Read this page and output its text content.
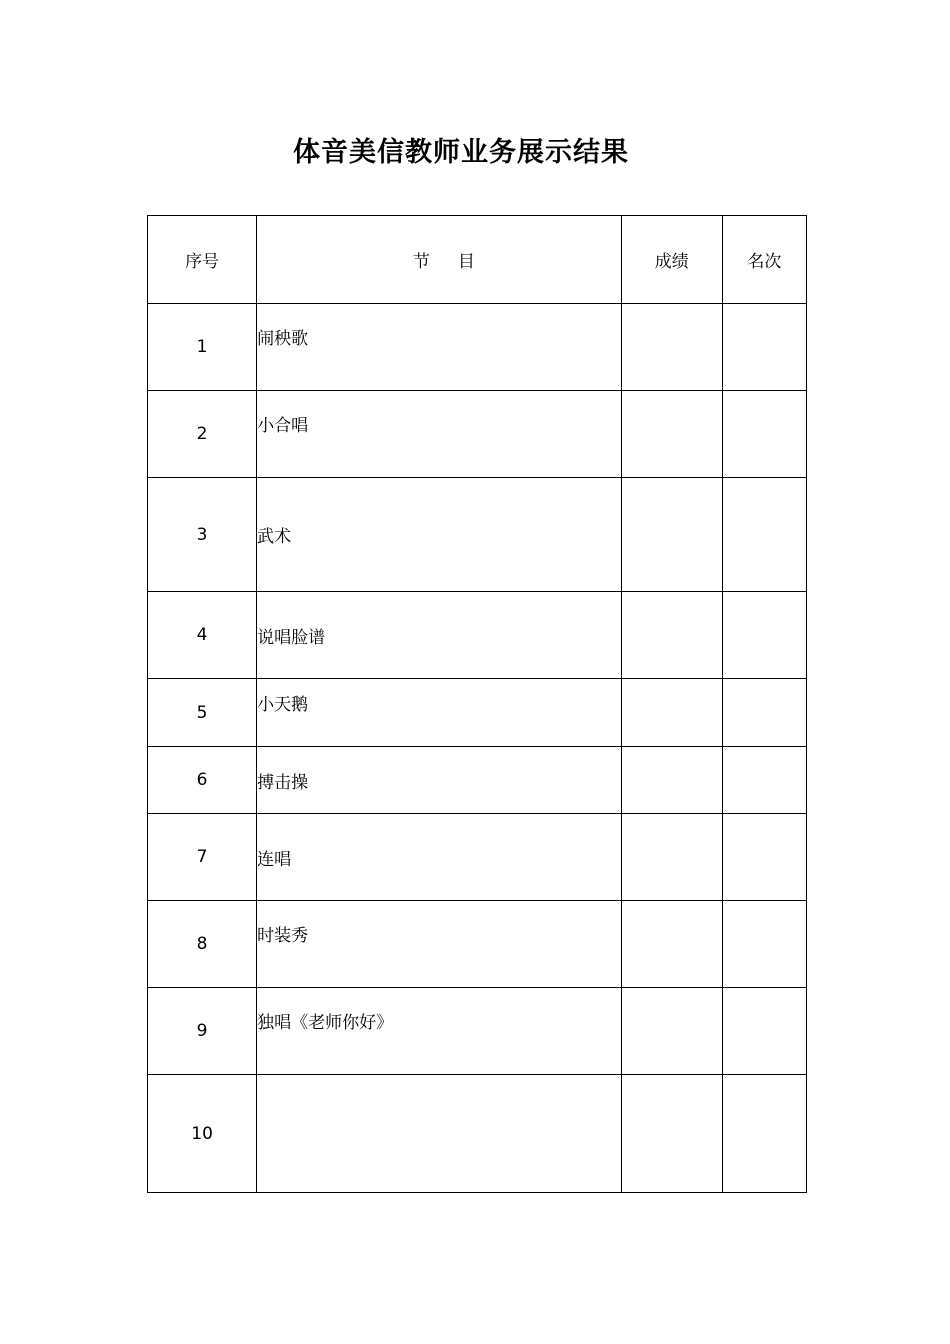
体音美信教师业务展示结果
序号	节 目	成绩	名次
1	闹秧歌		
2	小合唱		
3	武术		
4	说唱脸谱		
5	小天鹅		
6	搏击操		
7	连唱		
8	时装秀		
9	独唱《老师你好》		
10			
